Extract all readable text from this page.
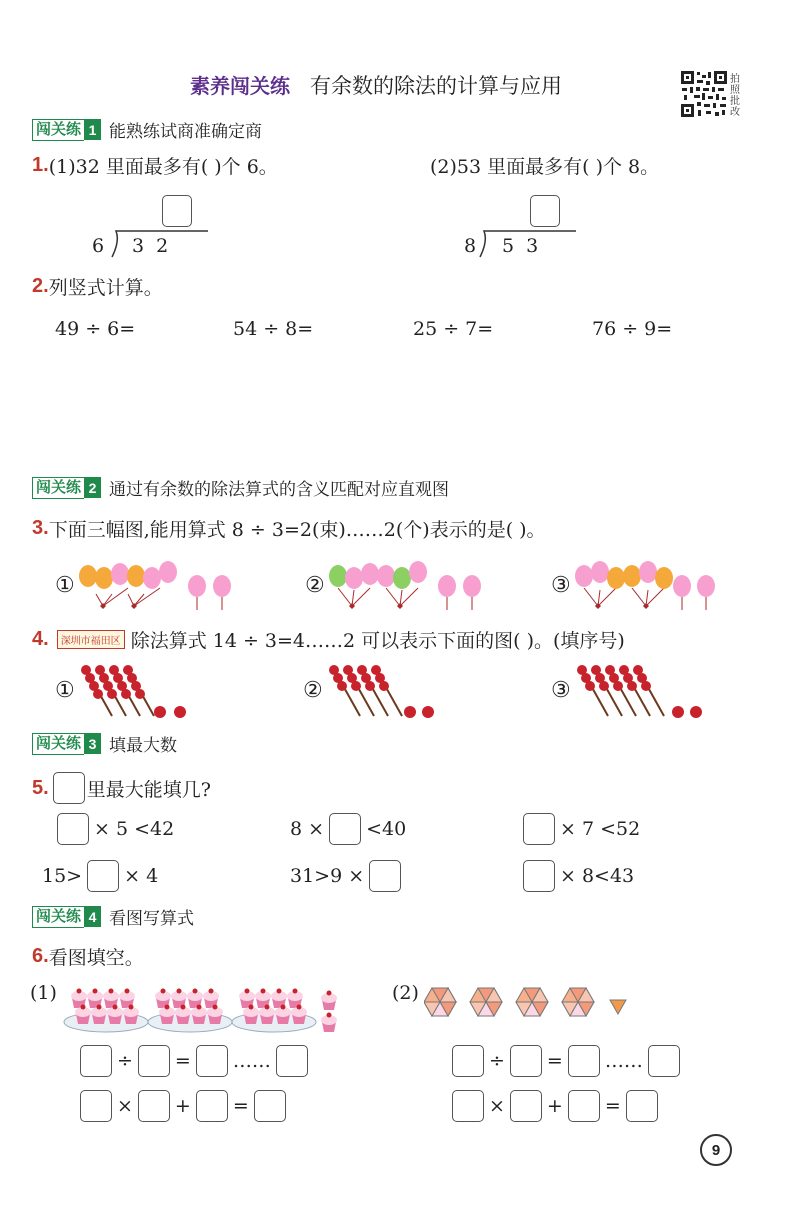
素养闯关练 有余数的除法的计算与应用	拍照批改
闯关练 1 能熟练试商准确定商
1. (1)32 里面最多有( )个 6。	(2)53 里面最多有( )个 8。
6 3  2	8 5  3
2. 列竖式计算。
49 ÷ 6=	54 ÷ 8=	25 ÷ 7=	76 ÷ 9=
闯关练 2 通过有余数的除法算式的含义匹配对应直观图
3. 下面三幅图,能用算式 8 ÷ 3=2(束)……2(个)表示的是( )。
①	②	③
4.	深圳市福田区 除法算式 14 ÷ 3=4……2 可以表示下面的图( )。(填序号)
①	②	③
闯关练 3 填最大数
5. 里最大能填几?
× 5 <42	8 × <40	× 7 <52
15> × 4	31>9 ×	× 8<43
闯关练 4 看图写算式
6. 看图填空。
(1)	(2)
÷ = ……
× + =
÷ = ……
× + =
9
